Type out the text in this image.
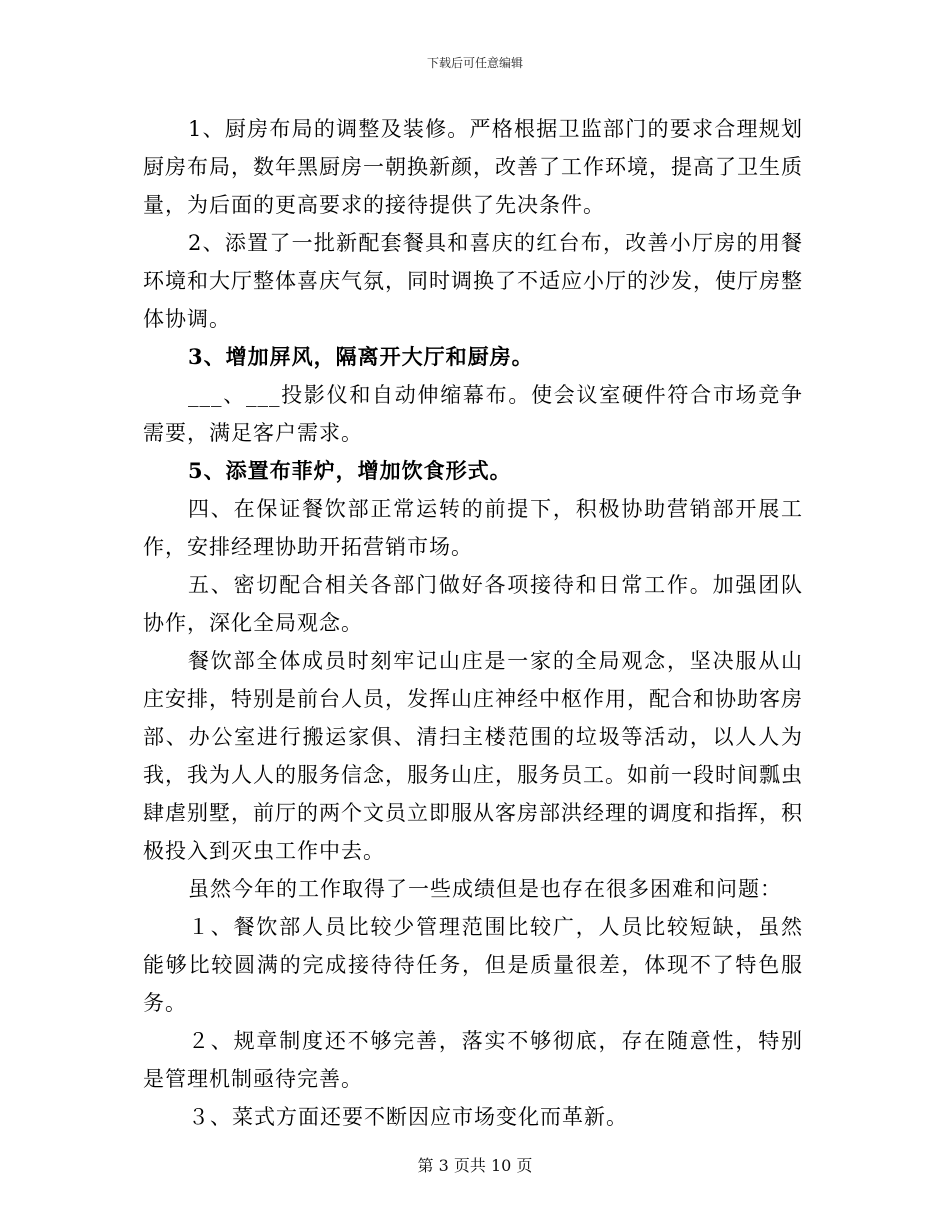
下载后可任意编辑

1、厨房布局的调整及装修。严格根据卫监部门的要求合理规划厨房布局，数年黑厨房一朝换新颜，改善了工作环境，提高了卫生质量，为后面的更高要求的接待提供了先决条件。

2、添置了一批新配套餐具和喜庆的红台布，改善小厅房的用餐环境和大厅整体喜庆气氛，同时调换了不适应小厅的沙发，使厅房整体协调。

3、增加屏风，隔离开大厅和厨房。

___、___投影仪和自动伸缩幕布。使会议室硬件符合市场竞争需要，满足客户需求。

5、添置布菲炉，增加饮食形式。

四、在保证餐饮部正常运转的前提下，积极协助营销部开展工作，安排经理协助开拓营销市场。

五、密切配合相关各部门做好各项接待和日常工作。加强团队协作，深化全局观念。

餐饮部全体成员时刻牢记山庄是一家的全局观念，坚决服从山庄安排，特别是前台人员，发挥山庄神经中枢作用，配合和协助客房部、办公室进行搬运家俱、清扫主楼范围的垃圾等活动，以人人为我，我为人人的服务信念，服务山庄，服务员工。如前一段时间瓢虫肆虐别墅，前厅的两个文员立即服从客房部洪经理的调度和指挥，积极投入到灭虫工作中去。

虽然今年的工作取得了一些成绩但是也存在很多困难和问题：

１、餐饮部人员比较少管理范围比较广，人员比较短缺，虽然能够比较圆满的完成接待待任务，但是质量很差，体现不了特色服务。

２、规章制度还不够完善，落实不够彻底，存在随意性，特别是管理机制亟待完善。

３、菜式方面还要不断因应市场变化而革新。

第 3 页共 10 页
